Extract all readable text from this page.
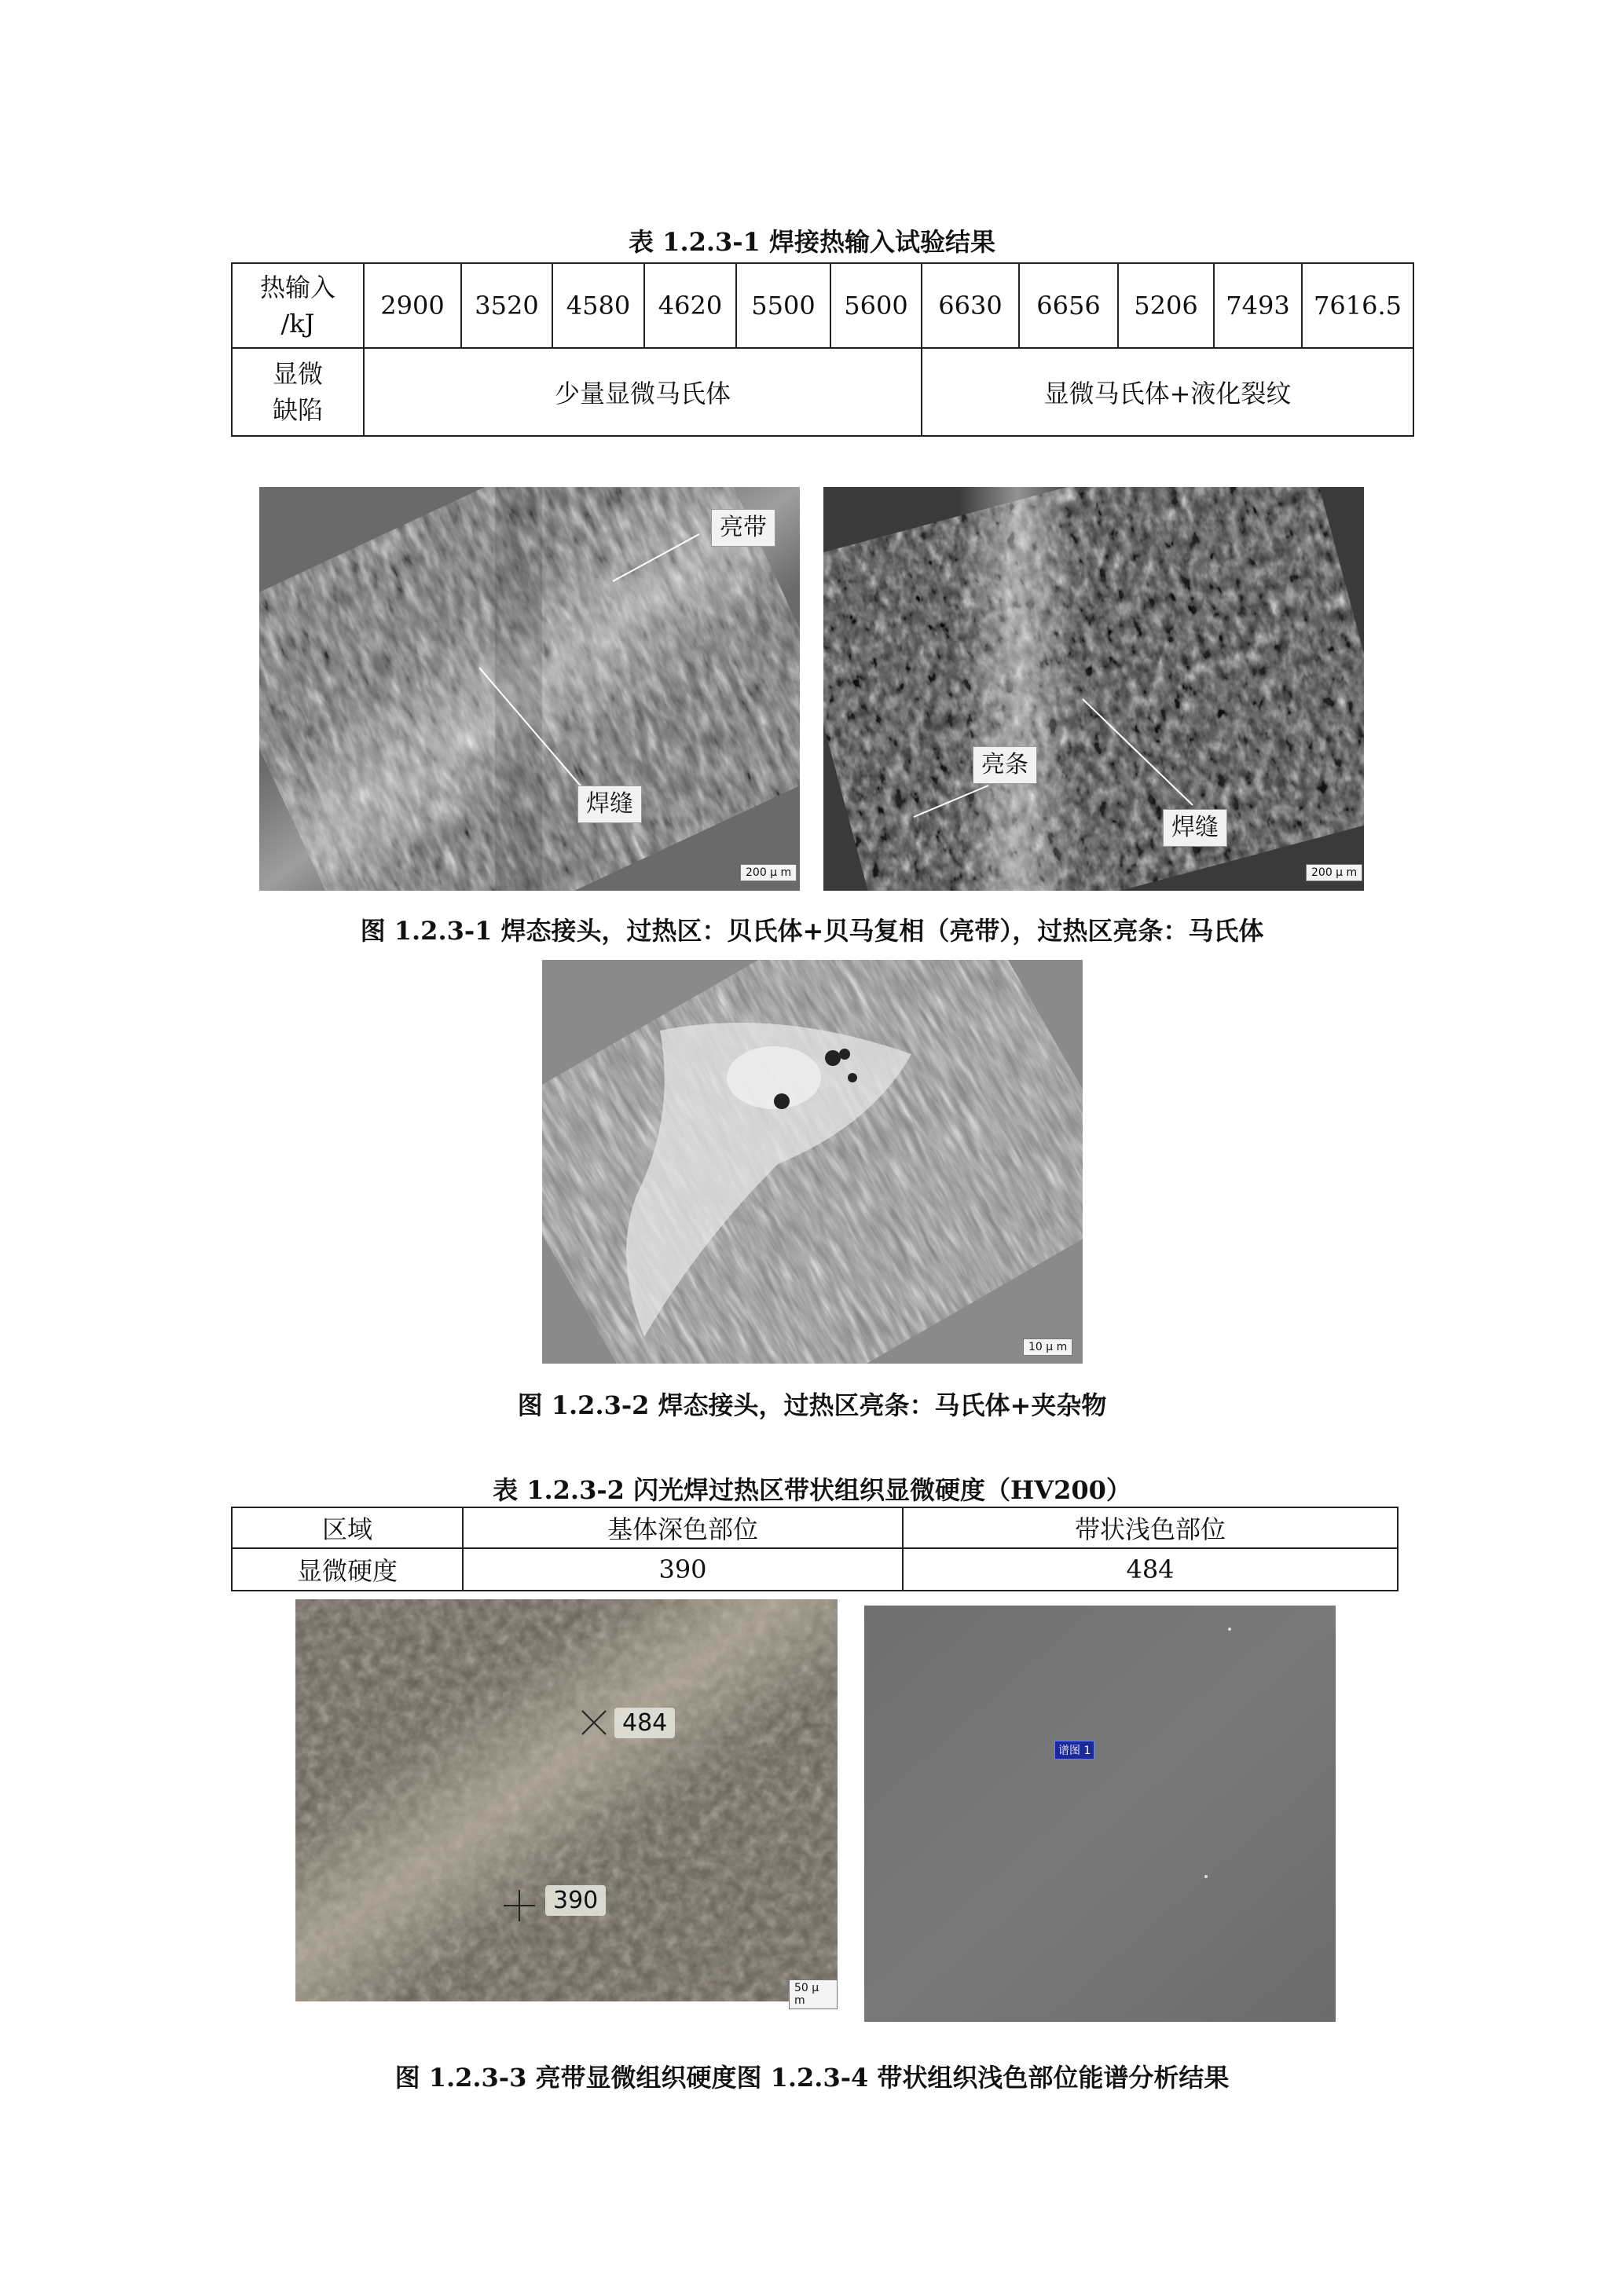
表 1.2.3-1 焊接热输入试验结果
热输入
/kJ	2900	3520	4580	4620	5500	5600	6630	6656	5206	7493	7616.5
显微
缺陷	少量显微马氏体						显微马氏体+液化裂纹				
亮带
焊缝
200 μ m
亮条
焊缝
200 μ m
图 1.2.3-1 焊态接头，过热区：贝氏体+贝马复相（亮带），过热区亮条：马氏体
10 μ m
图 1.2.3-2 焊态接头，过热区亮条：马氏体+夹杂物
表 1.2.3-2 闪光焊过热区带状组织显微硬度（HV200）
区域	基体深色部位	带状浅色部位
显微硬度	390	484
484
390
50 μ m
谱图 1
图 1.2.3-3 亮带显微组织硬度图 1.2.3-4 带状组织浅色部位能谱分析结果
